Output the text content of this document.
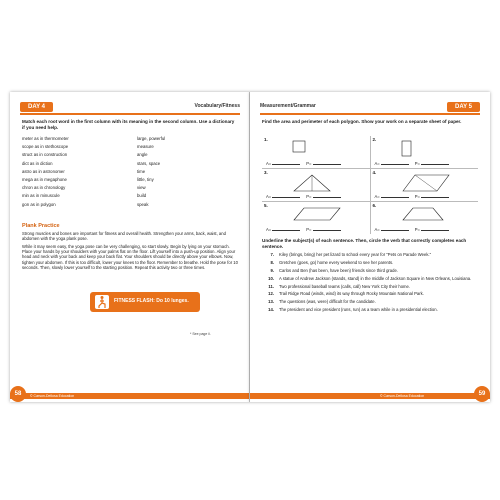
DAY 4	Vocabulary/Fitness
Match each root word in the first column with its meaning in the second column. Use a dictionary if you need help.
meter as in thermometer	large, powerful
scope as in stethoscope	measure
struct as in construction	angle
dict as in diction	stars, space
astro as in astronomer	time
mega as in megaphone	little, tiny
chron as in chronology	view
min as in minuscule	build
gon as in polygon	speak
Plank Practice
Strong muscles and bones are important for fitness and overall health. Strengthen your arms, back, waist, and abdomen with the yoga plank pose.
While it may seem easy, the yoga pose can be very challenging, so start slowly. Begin by lying on your stomach. Place your hands by your shoulders with your palms flat on the floor. Lift yourself into a push-up position. Align your head and neck with your back and keep your back flat. Your shoulders should be directly above your elbows. Now, tighten your abdomen. If this is too difficult, lower your knees to the floor. Remember to breathe. Hold the pose for 10 seconds. Then, slowly lower yourself to the starting position. Repeat this activity two or three times.
FITNESS FLASH: Do 10 lunges.
* See page ii.
58	© Carson-Dellosa Education
Measurement/Grammar	DAY 5
Find the area and perimeter of each polygon. Show your work on a separate sheet of paper.
1.
A=	P=
2.
A=	P=
3.
A=	P=
4.
A=	P=
5.
A=	P=
6.
A=	P=
Underline the subject(s) of each sentence. Then, circle the verb that correctly completes each sentence.
7. Kiley (brings, bring) her pet lizard to school every year for "Pets on Parade Week."
8. Gretchen (goes, go) home every weekend to see her parents.
9. Carlos and Ben (has been, have been) friends since third grade.
10. A statue of Andrew Jackson (stands, stand) in the middle of Jackson Square in New Orleans, Louisiana.
11. Two professional baseball teams (calls, call) New York City their home.
12. Trail Ridge Road (winds, wind) its way through Rocky Mountain National Park.
13. The questions (was, were) difficult for the candidate.
14. The president and vice president (runs, run) as a team while in a presidential election.
© Carson-Dellosa Education	59
